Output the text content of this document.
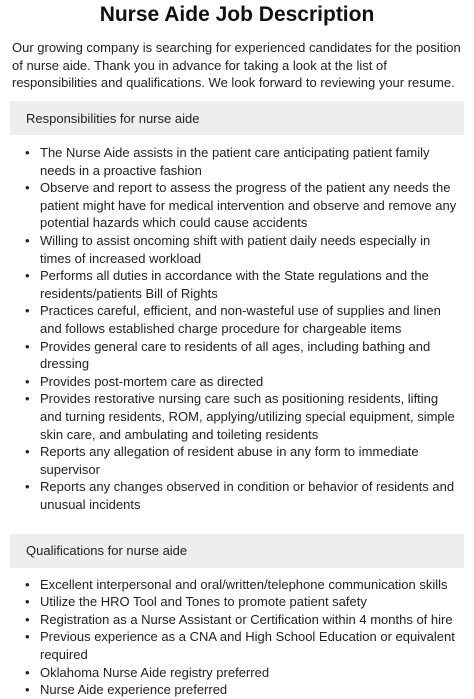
Nurse Aide Job Description

Our growing company is searching for experienced candidates for the position of nurse aide. Thank you in advance for taking a look at the list of responsibilities and qualifications. We look forward to reviewing your resume.

Responsibilities for nurse aide
• The Nurse Aide assists in the patient care anticipating patient family needs in a proactive fashion
• Observe and report to assess the progress of the patient any needs the patient might have for medical intervention and observe and remove any potential hazards which could cause accidents
• Willing to assist oncoming shift with patient daily needs especially in times of increased workload
• Performs all duties in accordance with the State regulations and the residents/patients Bill of Rights
• Practices careful, efficient, and non-wasteful use of supplies and linen and follows established charge procedure for chargeable items
• Provides general care to residents of all ages, including bathing and dressing
• Provides post-mortem care as directed
• Provides restorative nursing care such as positioning residents, lifting and turning residents, ROM, applying/utilizing special equipment, simple skin care, and ambulating and toileting residents
• Reports any allegation of resident abuse in any form to immediate supervisor
• Reports any changes observed in condition or behavior of residents and unusual incidents
Qualifications for nurse aide
• Excellent interpersonal and oral/written/telephone communication skills
• Utilize the HRO Tool and Tones to promote patient safety
• Registration as a Nurse Assistant or Certification within 4 months of hire
• Previous experience as a CNA and High School Education or equivalent required
• Oklahoma Nurse Aide registry preferred
• Nurse Aide experience preferred
